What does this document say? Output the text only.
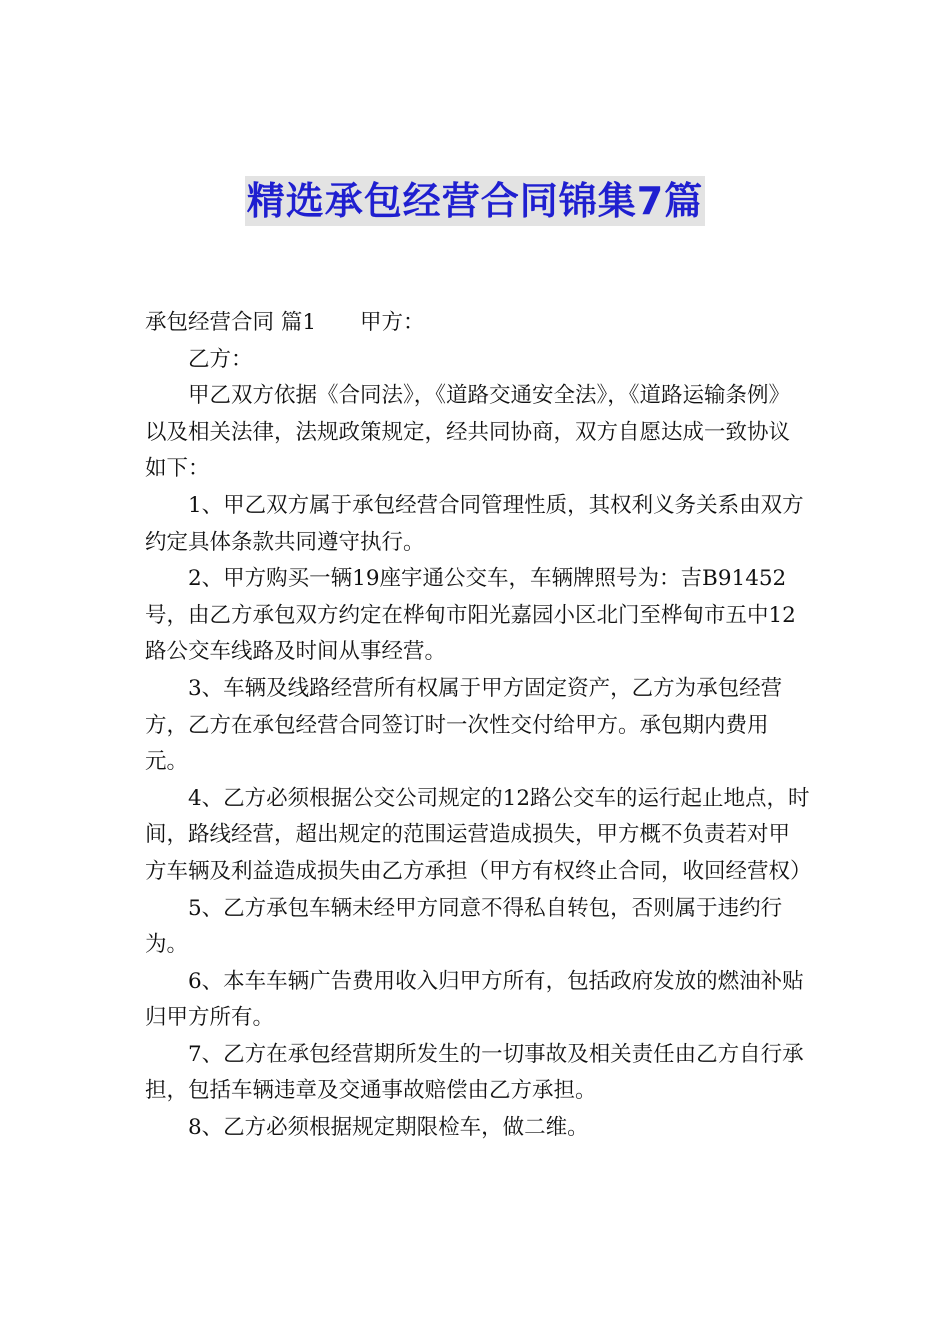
精选承包经营合同锦集7篇

承包经营合同 篇1 甲方：

乙方：

甲乙双方依据《合同法》，《道路交通安全法》，《道路运输条例》以及相关法律，法规政策规定，经共同协商，双方自愿达成一致协议如下：

1、甲乙双方属于承包经营合同管理性质，其权利义务关系由双方约定具体条款共同遵守执行。

2、甲方购买一辆19座宇通公交车，车辆牌照号为：吉B91452号，由乙方承包双方约定在桦甸市阳光嘉园小区北门至桦甸市五中12路公交车线路及时间从事经营。

3、车辆及线路经营所有权属于甲方固定资产，乙方为承包经营方，乙方在承包经营合同签订时一次性交付给甲方。承包期内费用元。

4、乙方必须根据公交公司规定的12路公交车的运行起止地点，时间，路线经营，超出规定的范围运营造成损失，甲方概不负责若对甲方车辆及利益造成损失由乙方承担（甲方有权终止合同，收回经营权）

5、乙方承包车辆未经甲方同意不得私自转包，否则属于违约行为。

6、本车车辆广告费用收入归甲方所有，包括政府发放的燃油补贴归甲方所有。

7、乙方在承包经营期所发生的一切事故及相关责任由乙方自行承担，包括车辆违章及交通事故赔偿由乙方承担。

8、乙方必须根据规定期限检车，做二维。
